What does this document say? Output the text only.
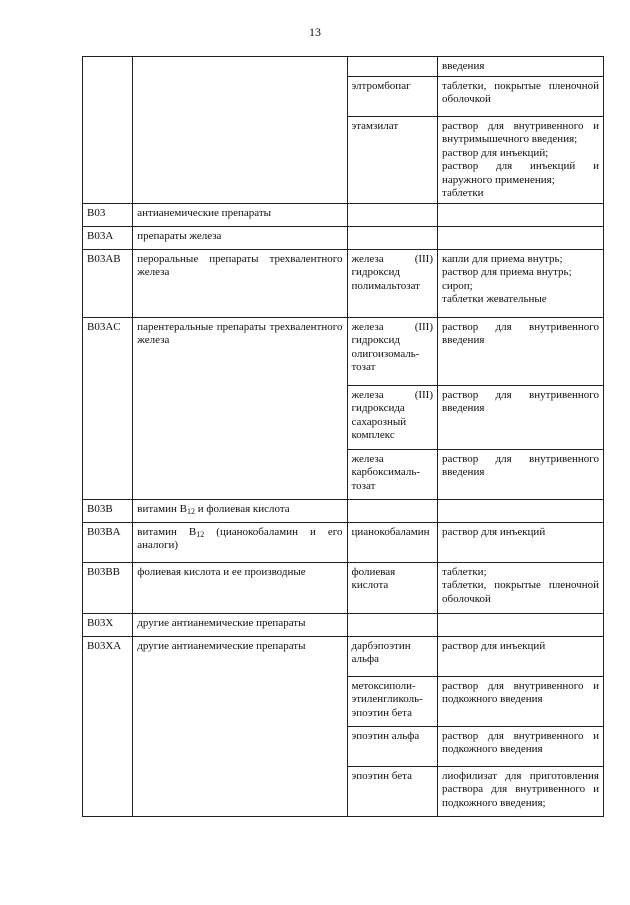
13
			введения
		элтромбопаг	таблетки, покрытые пленочной оболочкой
		этамзилат	раствор для внутривенного и внутримышечного введения;
раствор для инъекций;
раствор для инъекций и наружного применения;
таблетки

B03	антианемические препараты		
B03A	препараты железа		
B03AB	пероральные препараты трехвалентного железа	железа (III) гидроксид полимальтозат	капли для приема внутрь;
раствор для приема внутрь;
сироп;
таблетки жевательные

B03AC	парентеральные препараты трехвалентного железа	железа (III) гидроксид олигоизомаль-тозат	раствор для внутривенного введения
		железа (III) гидроксида сахарозный комплекс	раствор для внутривенного введения
		железа карбоксималь-тозат	раствор для внутривенного введения
B03B	витамин $B_{12}$ и фолиевая кислота		
B03BA	витамин $B_{12}$ (цианокобаламин и его аналоги)	цианокобаламин	раствор для инъекций
B03BB	фолиевая кислота и ее производные	фолиевая кислота	таблетки;
таблетки, покрытые пленочной оболочкой

B03X	другие антианемические препараты		
B03XA	другие антианемические препараты	дарбэпоэтин альфа	раствор для инъекций
		метоксиполи-этиленгликоль-эпоэтин бета	раствор для внутривенного и подкожного введения
		эпоэтин альфа	раствор для внутривенного и подкожного введения
		эпоэтин бета	лиофилизат для приготовления раствора для внутривенного и подкожного введения;
